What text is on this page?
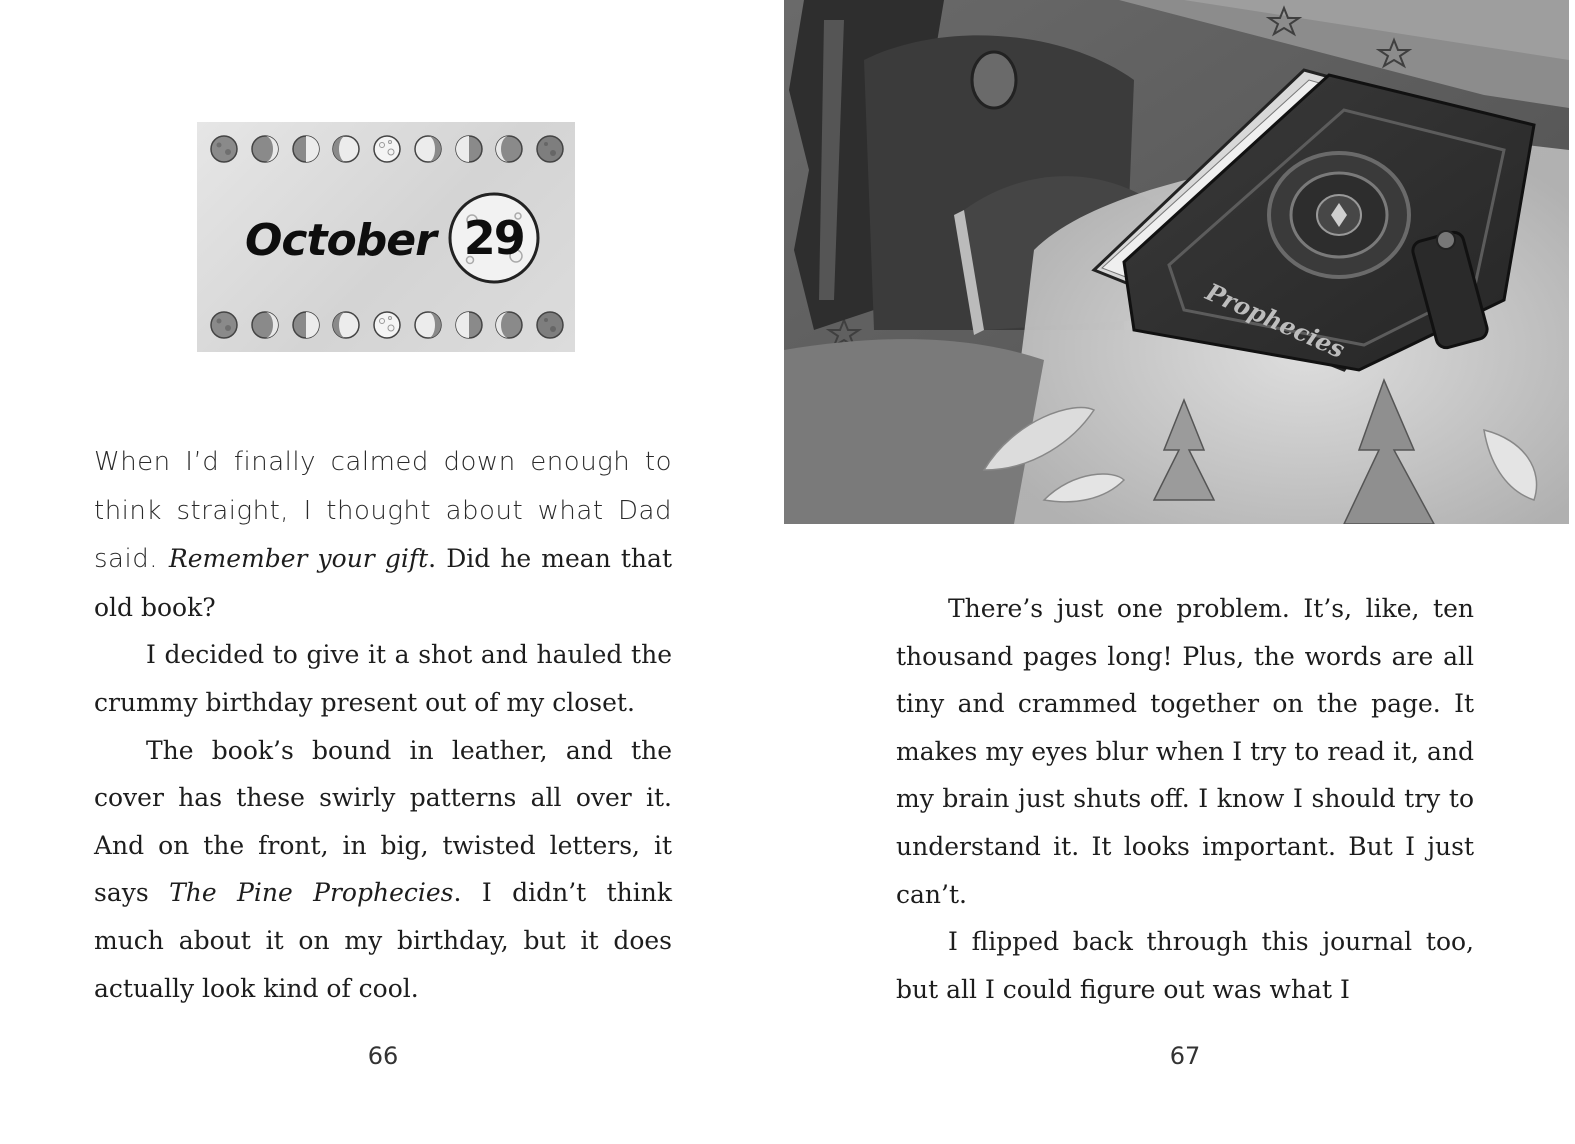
October 29

When I’d finally calmed down enough to think straight, I thought about what Dad said. Remember your gift. Did he mean that old book?

I decided to give it a shot and hauled the crummy birthday present out of my closet.

The book’s bound in leather, and the cover has these swirly patterns all over it. And on the front, in big, twisted letters, it says The Pine Prophecies. I didn’t think much about it on my birthday, but it does actually look kind of cool.

66
Prophecies

There’s just one problem. It’s, like, ten thousand pages long! Plus, the words are all tiny and crammed together on the page. It makes my eyes blur when I try to read it, and my brain just shuts off. I know I should try to understand it. It looks important. But I just can’t.

I flipped back through this journal too, but all I could figure out was what I

67
